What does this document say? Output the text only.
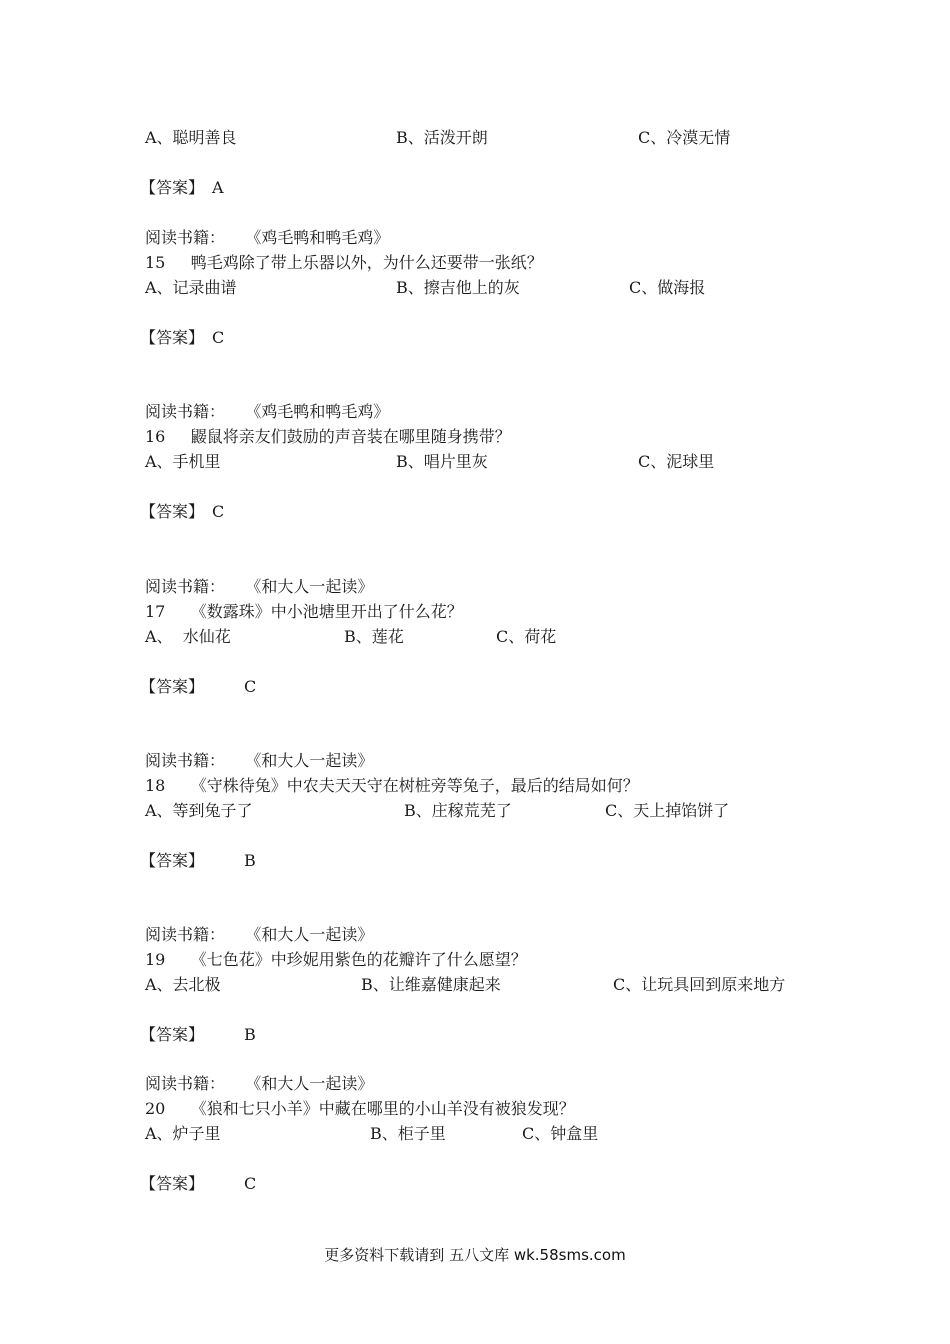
A、聪明善良	B、活泼开朗	C、冷漠无情

【答案】 A

阅读书籍：    《鸡毛鸭和鸭毛鸡》

15     鸭毛鸡除了带上乐器以外，为什么还要带一张纸？

A、记录曲谱	B、擦吉他上的灰	C、做海报

【答案】 C

阅读书籍：    《鸡毛鸭和鸭毛鸡》

16     鼹鼠将亲友们鼓励的声音装在哪里随身携带？

A、手机里	B、唱片里灰	C、泥球里

【答案】 C

阅读书籍：    《和大人一起读》

17     《数露珠》中小池塘里开出了什么花？

A、  水仙花	B、莲花	C、荷花

【答案】 C

阅读书籍：    《和大人一起读》

18     《守株待兔》中农夫天天守在树桩旁等兔子，最后的结局如何？

A、等到兔子了	B、庄稼荒芜了	C、天上掉馅饼了

【答案】 B

阅读书籍：    《和大人一起读》

19     《七色花》中珍妮用紫色的花瓣许了什么愿望？

A、去北极	B、让维嘉健康起来	C、让玩具回到原来地方

【答案】 B

阅读书籍：    《和大人一起读》

20     《狼和七只小羊》中藏在哪里的小山羊没有被狼发现？

A、炉子里	B、柜子里	C、钟盒里

【答案】 C

更多资料下载请到 五八文库 wk.58sms.com
